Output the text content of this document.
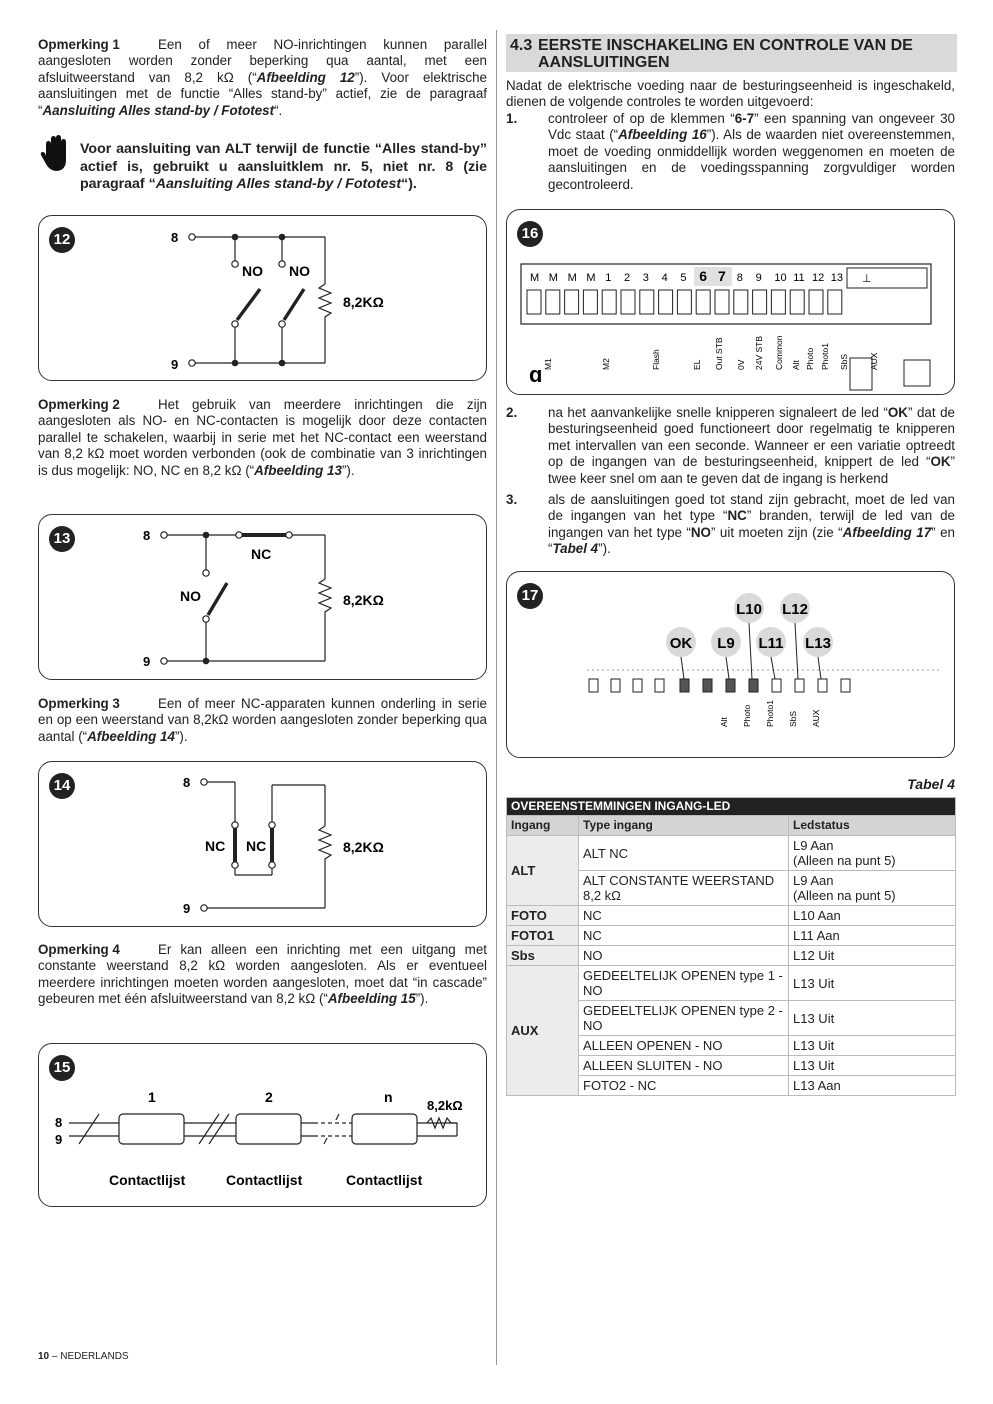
Opmerking 1	Een of meer NO-inrichtingen kunnen parallel aangesloten worden zonder beperking qua aantal, met een afsluitweerstand van 8,2 kΩ (“Afbeelding 12”). Voor elektrische aansluitingen met de functie “Alles stand-by” actief, zie de paragraaf “Aansluiting Alles stand-by / Fototest“.
Voor aansluiting van ALT terwijl de functie “Alles stand-by” actief is, gebruikt u aansluitklem nr. 5, niet nr. 8 (zie paragraaf “Aansluiting Alles stand-by / Fototest“).
12	8
9
NO NO
8,2KΩ
Opmerking 2	Het gebruik van meerdere inrichtingen die zijn aangesloten als NO- en NC-contacten is mogelijk door deze contacten parallel te schakelen, waarbij in serie met het NC-contact een weerstand van 8,2 kΩ moet worden verbonden (ook de combinatie van 3 inrichtingen is dus mogelijk: NO, NC en 8,2 kΩ (“Afbeelding 13”).
13	8
9
NC
NO	8,2KΩ
Opmerking 3	Een of meer NC-apparaten kunnen onderling in serie en op een weerstand van 8,2kΩ worden aangesloten zonder beperking qua aantal (“Afbeelding 14”).
14	8
9
NC NC	8,2KΩ
Opmerking 4	Er kan alleen een inrichting met een uitgang met constante weerstand 8,2 kΩ worden aangesloten. Als er eventueel meerdere inrichtingen moeten worden aangesloten, moet dat “in cascade” gebeuren met één afsluitweerstand van 8,2 kΩ (“Afbeelding 15”).
15
8
9
1	2	n
8,2kΩ
Contactlijst	Contactlijst	Contactlijst
4.3 EERSTE INSCHAKELING EN CONTROLE VAN DE AANSLUITINGEN
Nadat de elektrische voeding naar de besturingseenheid is ingeschakeld, dienen de volgende controles te worden uitgevoerd:
1. controleer of op de klemmen “6-7” een spanning van ongeveer 30 Vdc staat (“Afbeelding 16”). Als de waarden niet overeenstemmen, moet de voeding onmiddellijk worden weggenomen en moeten de aansluitingen en de voedingsspanning zorgvuldiger worden gecontroleerd.
16
M M M M 1 2 3 4 5 6 7 8 9 10 11 12 13 ⊥
M1	M2	Flash	EL Out STB 0V 24V STB Common Alt Photo Photo1 SbS AUX
ɑ
2. na het aanvankelijke snelle knipperen signaleert de led “OK” dat de besturingseenheid goed functioneert door regelmatig te knipperen met intervallen van een seconde. Wanneer er een variatie optreedt op de ingangen van de besturingseenheid, knippert de led “OK” twee keer snel om aan te geven dat de ingang is herkend
3. als de aansluitingen goed tot stand zijn gebracht, moet de led van de ingangen van het type “NC” branden, terwijl de led van de ingangen van het type “NO” uit moeten zijn (zie “Afbeelding 17” en “Tabel 4”).
17
OK L9 L11 L13
L10 L12
Alt Photo Photo1 SbS AUX
Tabel 4
OVEREENSTEMMINGEN INGANG-LED		
Ingang	Type ingang	Ledstatus
ALT	ALT NC	L9 Aan
(Alleen na punt 5)
	ALT CONSTANTE WEERSTAND 8,2 kΩ	L9 Aan
(Alleen na punt 5)
FOTO	NC	L10 Aan
FOTO1	NC	L11 Aan
Sbs	NO	L12 Uit
AUX	GEDEELTELIJK OPENEN type 1 - NO	L13 Uit
	GEDEELTELIJK OPENEN type 2 - NO	L13 Uit
	ALLEEN OPENEN - NO	L13 Uit
	ALLEEN SLUITEN - NO	L13 Uit
	FOTO2 - NC	L13 Aan
10 – NEDERLANDS
